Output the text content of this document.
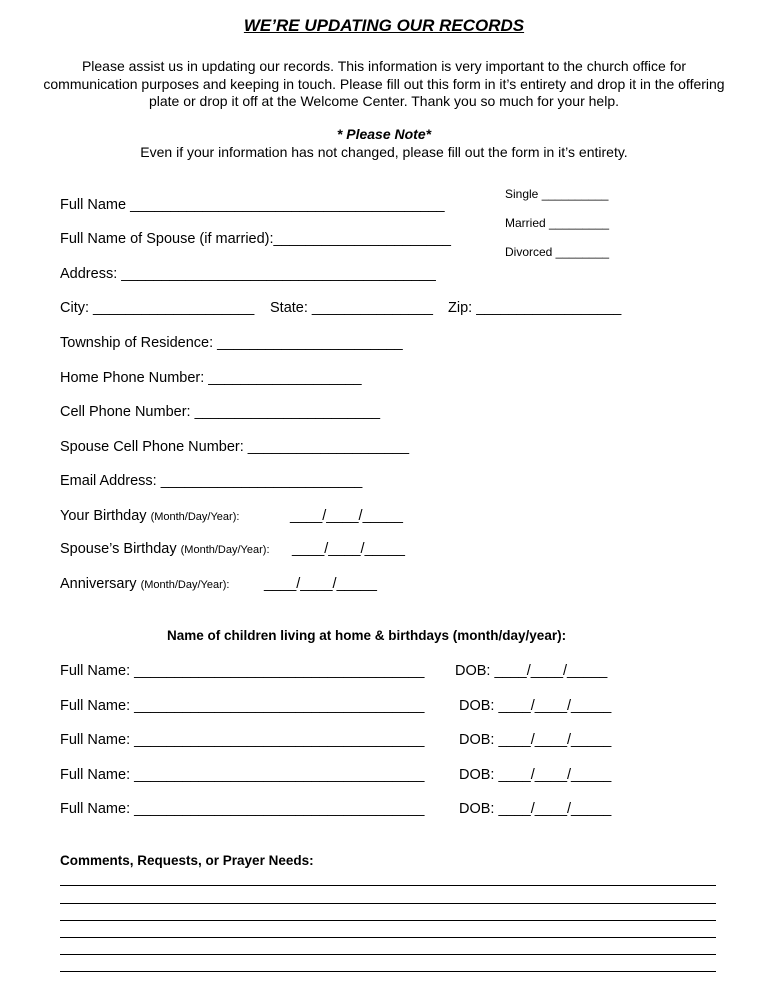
WE’RE UPDATING OUR RECORDS
Please assist us in updating our records. This information is very important to the church office for communication purposes and keeping in touch. Please fill out this form in it’s entirety and drop it in the offering plate or drop it off at the Welcome Center. Thank you so much for your help.
* Please Note*
Even if your information has not changed, please fill out the form in it’s entirety.
Single __________
Married _________
Divorced ________
Full Name _______________________________________
Full Name of Spouse (if married):______________________
Address: _______________________________________
City: ____________________ State: _______________ Zip: __________________
Township of Residence: _______________________
Home Phone Number: ___________________
Cell Phone Number: _______________________
Spouse Cell Phone Number: ____________________
Email Address: _________________________
Your Birthday (Month/Day/Year):	____/____/_____
Spouse’s Birthday (Month/Day/Year): ____/____/_____
Anniversary (Month/Day/Year): ____/____/_____
Name of children living at home & birthdays (month/day/year):
Full Name: ____________________________________ DOB: ____/____/_____
Full Name: ____________________________________ DOB: ____/____/_____
Full Name: ____________________________________ DOB: ____/____/_____
Full Name: ____________________________________ DOB: ____/____/_____
Full Name: ____________________________________ DOB: ____/____/_____
Comments, Requests, or Prayer Needs:
